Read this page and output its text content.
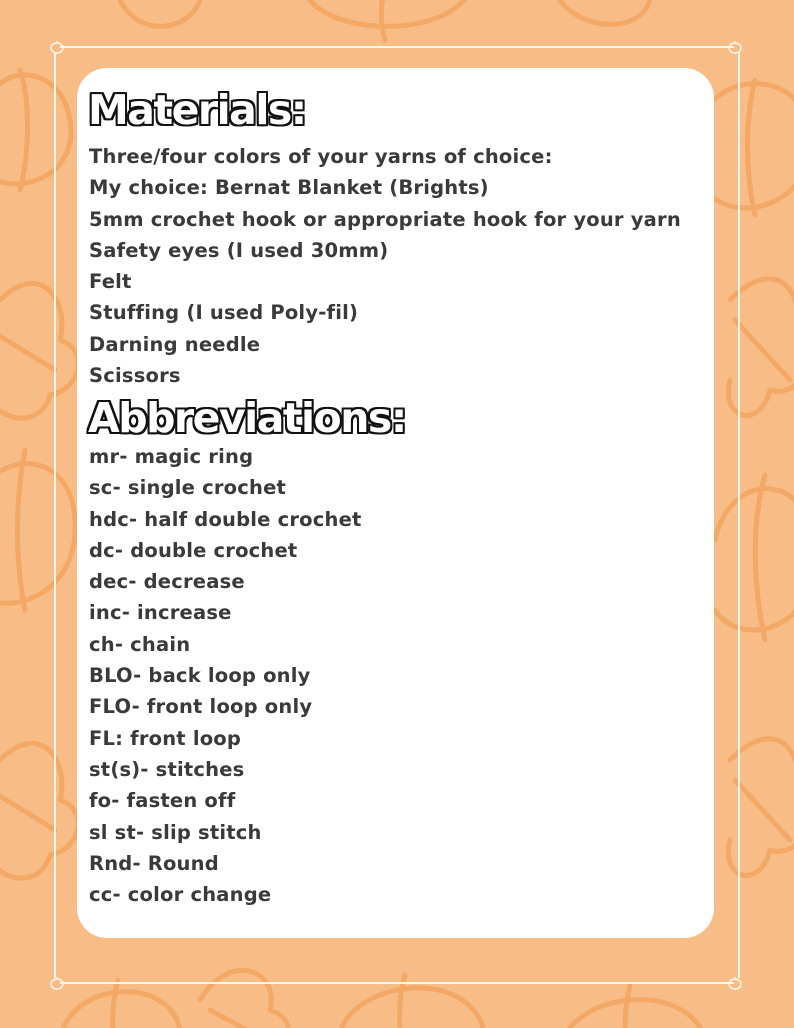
Materials:
Three/four colors of your yarns of choice:
My choice: Bernat Blanket (Brights)
5mm crochet hook or appropriate hook for your yarn
Safety eyes (I used 30mm)
Felt
Stuffing (I used Poly-fil)
Darning needle
Scissors
Abbreviations:
mr- magic ring
sc- single crochet
hdc- half double crochet
dc- double crochet
dec- decrease
inc- increase
ch- chain
BLO- back loop only
FLO- front loop only
FL: front loop
st(s)- stitches
fo- fasten off
sl st- slip stitch
Rnd- Round
cc- color change
